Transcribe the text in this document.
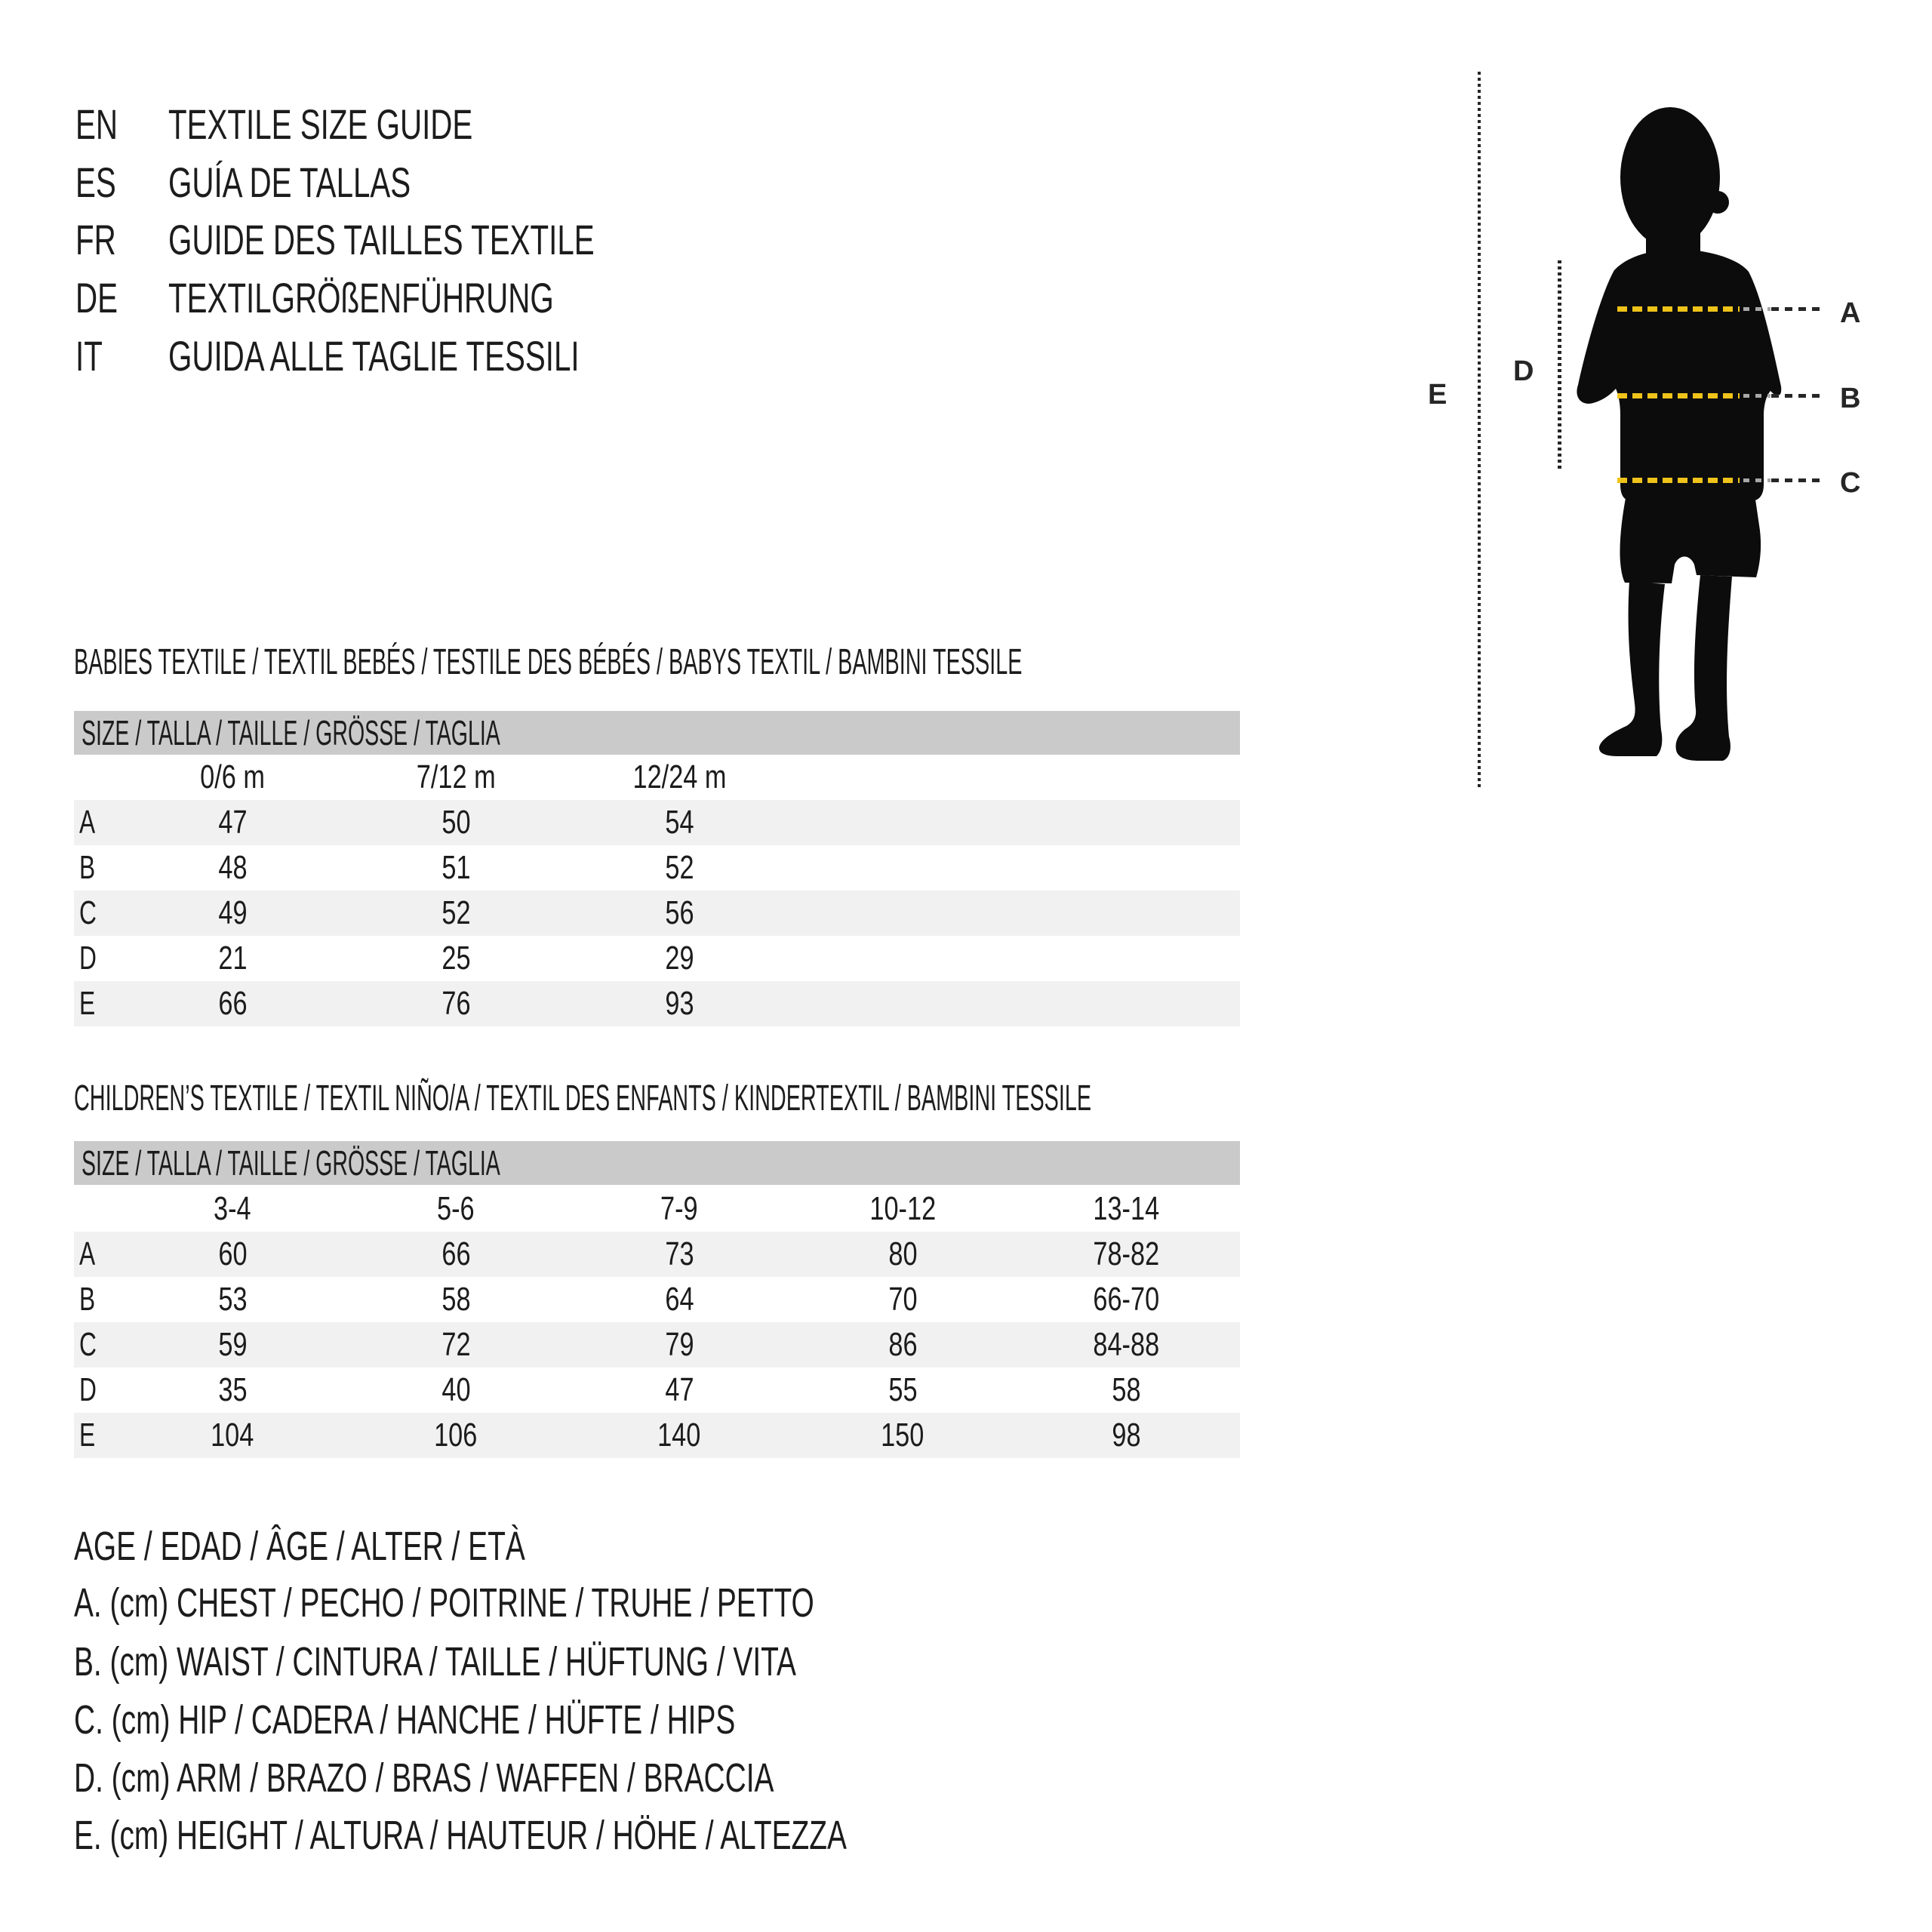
EN	TEXTILE SIZE GUIDE
ES	GUÍA DE TALLAS
FR	GUIDE DES TAILLES TEXTILE
DE	TEXTILGRÖßENFÜHRUNG
IT GUIDA ALLE TAGLIE TESSILI
E
D
A
B
C
BABIES TEXTILE / TEXTIL BEBÉS / TESTILE DES BÉBÉS / BABYS TEXTIL / BAMBINI TESSILE
SIZE / TALLA / TAILLE / GRÖSSE / TAGLIA
0/6 m	7/12 m	12/24 m
A	47	50	54
B	48	51	52
C	49	52	56
D	21	25	29
E	66	76	93
CHILDREN’S TEXTILE / TEXTIL NIÑO/A / TEXTIL DES ENFANTS / KINDERTEXTIL / BAMBINI TESSILE
SIZE / TALLA / TAILLE / GRÖSSE / TAGLIA
3-4	5-6	7-9	10-12	13-14
A	60	66	73	80	78-82
B	53	58	64	70	66-70
C	59	72	79	86	84-88
D	35	40	47	55	58
E	104	106	140	150	98
AGE / EDAD / ÂGE / ALTER / ETÀ
A. (cm) CHEST / PECHO / POITRINE / TRUHE / PETTO
B. (cm) WAIST / CINTURA / TAILLE / HÜFTUNG / VITA
C. (cm) HIP / CADERA / HANCHE / HÜFTE / HIPS
D. (cm) ARM / BRAZO / BRAS / WAFFEN / BRACCIA
E. (cm) HEIGHT / ALTURA / HAUTEUR / HÖHE / ALTEZZA
